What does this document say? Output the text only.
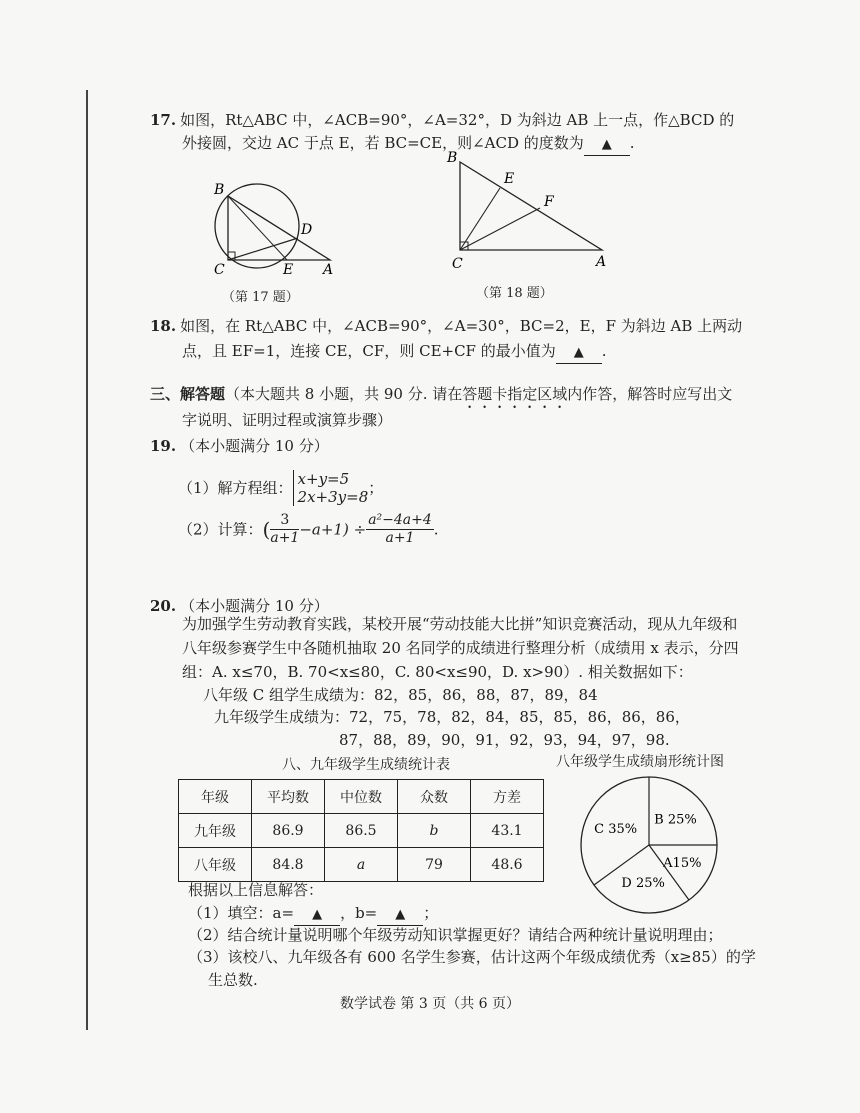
17. 如图，Rt△ABC 中，∠ACB=90°，∠A=32°，D 为斜边 AB 上一点，作△BCD 的
外接圆，交边 AC 于点 E，若 BC=CE，则∠ACD 的度数为 ▲ .
B
C
D
E A
（第 17 题）
B
E
F
C	A
（第 18 题）
18. 如图，在 Rt△ABC 中，∠ACB=90°，∠A=30°，BC=2，E，F 为斜边 AB 上两动
点，且 EF=1，连接 CE，CF，则 CE+CF 的最小值为 ▲ .
三、解答题（本大题共 8 小题，共 90 分. 请在答题卡指定区域内作答，解答时应写出文
字说明、证明过程或演算步骤）
19. （本小题满分 10 分）
（1）解方程组： x+y=5
2x+3y=8 ；
（2）计算：( $\frac{3}{a+1} -a+1) \div \frac{\text{a²−4a+4}}{a+1}$ .
20. （本小题满分 10 分）
为加强学生劳动教育实践，某校开展“劳动技能大比拼”知识竞赛活动，现从九年级和
八年级参赛学生中各随机抽取 20 名同学的成绩进行整理分析（成绩用 x 表示，分四
组：A. x≤70，B. 70<x≤80，C. 80<x≤90，D. x>90）. 相关数据如下：
八年级 C 组学生成绩为：82，85，86，88，87，89，84
九年级学生成绩为：72，75，78，82，84，85，85，86，86，86，
87，88，89，90，91，92，93，94，97，98.
八、九年级学生成绩统计表	八年级学生成绩扇形统计图
年级	平均数	中位数	众数	方差
九年级	86.9	86.5	b	43.1
八年级	84.8	a	79	48.6
B 25%
A15%
D 25%
C 35%
根据以上信息解答：
（1）填空：a= ▲ ，b= ▲ ；
（2）结合统计量说明哪个年级劳动知识掌握更好？请结合两种统计量说明理由；
（3）该校八、九年级各有 600 名学生参赛，估计这两个年级成绩优秀（x≥85）的学
生总数.
数学试卷 第 3 页（共 6 页）
